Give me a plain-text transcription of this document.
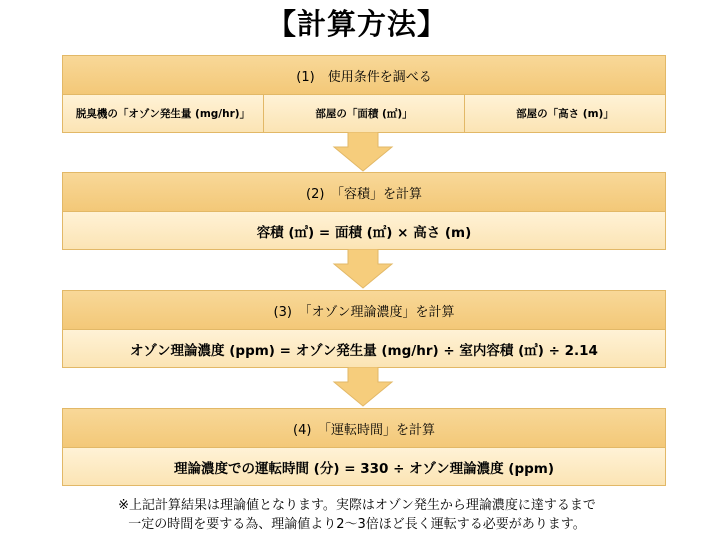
【計算方法】
(1)　使用条件を調べる
脱臭機の「オゾン発生量 (mg/hr)」	部屋の「面積 (㎡)」	部屋の「高さ (m)」
(2)　「容積」を計算
容積 (㎥) = 面積 (㎡) × 高さ (m)
(3)　「オゾン理論濃度」を計算
オゾン理論濃度 (ppm) = オゾン発生量 (mg/hr) ÷ 室内容積 (㎥) ÷ 2.14
(4)　「運転時間」を計算
理論濃度での運転時間 (分) = 330 ÷ オゾン理論濃度 (ppm)
※上記計算結果は理論値となります。実際はオゾン発生から理論濃度に達するまで
一定の時間を要する為、理論値より2～3倍ほど長く運転する必要があります。
